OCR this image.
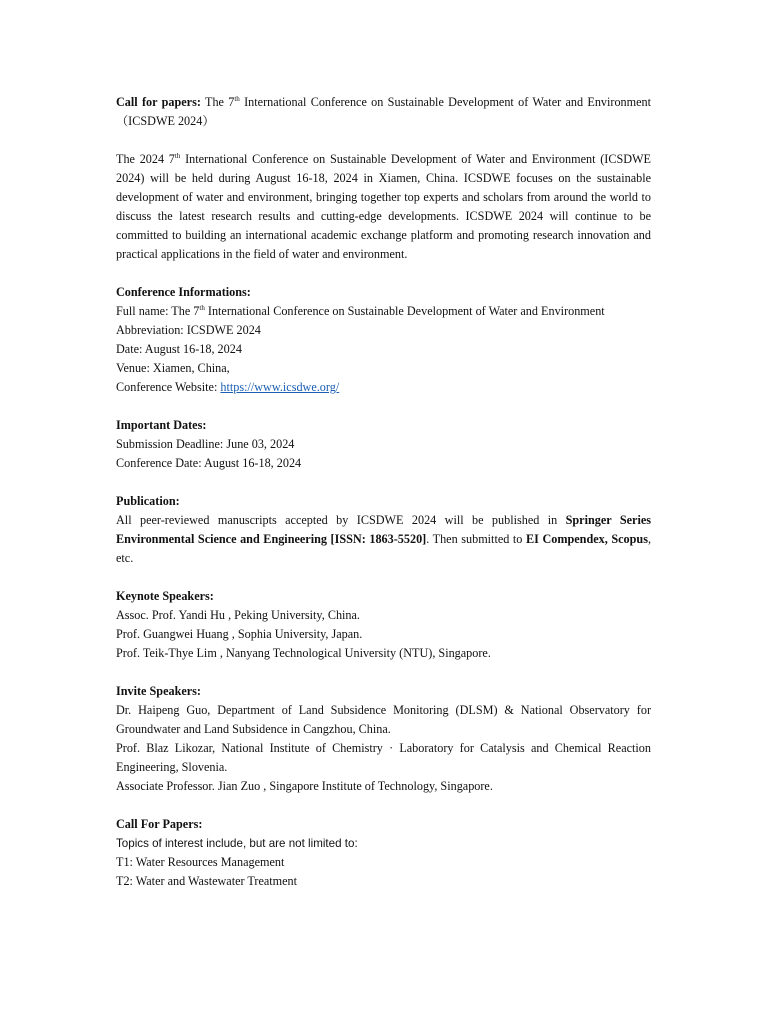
Call for papers: The 7th International Conference on Sustainable Development of Water and Environment（ICSDWE 2024）

The 2024 7th International Conference on Sustainable Development of Water and Environment (ICSDWE 2024) will be held during August 16-18, 2024 in Xiamen, China. ICSDWE focuses on the sustainable development of water and environment, bringing together top experts and scholars from around the world to discuss the latest research results and cutting-edge developments. ICSDWE 2024 will continue to be committed to building an international academic exchange platform and promoting research innovation and practical applications in the field of water and environment.

Conference Informations:

Full name: The 7th International Conference on Sustainable Development of Water and Environment

Abbreviation: ICSDWE 2024

Date: August 16-18, 2024

Venue: Xiamen, China,

Conference Website: https://www.icsdwe.org/

Important Dates:

Submission Deadline: June 03, 2024

Conference Date: August 16-18, 2024

Publication:

All peer-reviewed manuscripts accepted by ICSDWE 2024 will be published in Springer Series Environmental Science and Engineering [ISSN: 1863-5520]. Then submitted to EI Compendex, Scopus, etc.

Keynote Speakers:

Assoc. Prof. Yandi Hu , Peking University, China.

Prof. Guangwei Huang , Sophia University, Japan.

Prof. Teik-Thye Lim , Nanyang Technological University (NTU), Singapore.

Invite Speakers:

Dr. Haipeng Guo, Department of Land Subsidence Monitoring (DLSM) & National Observatory for Groundwater and Land Subsidence in Cangzhou, China.

Prof. Blaz Likozar, National Institute of Chemistry · Laboratory for Catalysis and Chemical Reaction Engineering, Slovenia.

Associate Professor. Jian Zuo , Singapore Institute of Technology, Singapore.

Call For Papers:

Topics of interest include, but are not limited to:

T1: Water Resources Management

T2: Water and Wastewater Treatment
